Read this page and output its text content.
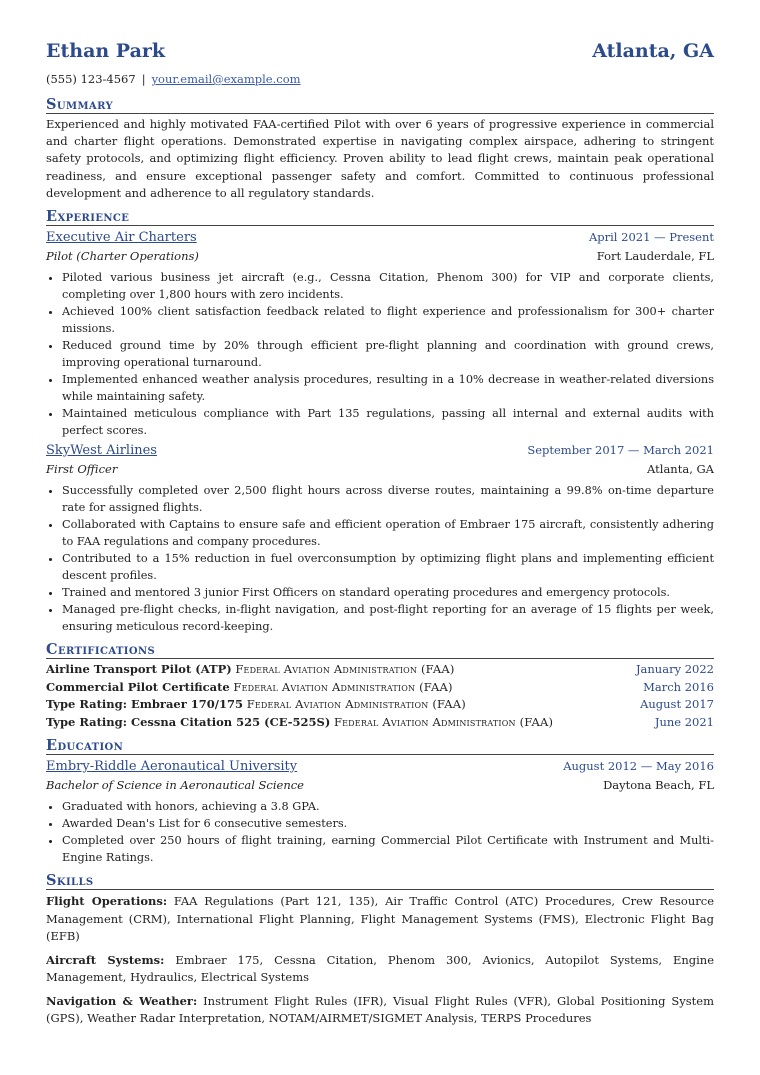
Ethan Park	Atlanta, GA
(555) 123-4567 | your.email@example.com
Summary
Experienced and highly motivated FAA-certified Pilot with over 6 years of progressive experience in commercial and charter flight operations. Demonstrated expertise in navigating complex airspace, adhering to stringent safety protocols, and optimizing flight efficiency. Proven ability to lead flight crews, maintain peak operational readiness, and ensure exceptional passenger safety and comfort. Committed to continuous professional development and adherence to all regulatory standards.
Experience
Executive Air Charters	April 2021 — Present
Pilot (Charter Operations)	Fort Lauderdale, FL
• Piloted various business jet aircraft (e.g., Cessna Citation, Phenom 300) for VIP and corporate clients, completing over 1,800 hours with zero incidents.
• Achieved 100% client satisfaction feedback related to flight experience and professionalism for 300+ charter missions.
• Reduced ground time by 20% through efficient pre-flight planning and coordination with ground crews, improving operational turnaround.
• Implemented enhanced weather analysis procedures, resulting in a 10% decrease in weather-related diversions while maintaining safety.
• Maintained meticulous compliance with Part 135 regulations, passing all internal and external audits with perfect scores.
SkyWest Airlines	September 2017 — March 2021
First Officer	Atlanta, GA
• Successfully completed over 2,500 flight hours across diverse routes, maintaining a 99.8% on-time departure rate for assigned flights.
• Collaborated with Captains to ensure safe and efficient operation of Embraer 175 aircraft, consistently adhering to FAA regulations and company procedures.
• Contributed to a 15% reduction in fuel overconsumption by optimizing flight plans and implementing efficient descent profiles.
• Trained and mentored 3 junior First Officers on standard operating procedures and emergency protocols.
• Managed pre-flight checks, in-flight navigation, and post-flight reporting for an average of 15 flights per week, ensuring meticulous record-keeping.
Certifications
Airline Transport Pilot (ATP) Federal Aviation Administration (FAA)	January 2022
Commercial Pilot Certificate Federal Aviation Administration (FAA)	March 2016
Type Rating: Embraer 170/175 Federal Aviation Administration (FAA)	August 2017
Type Rating: Cessna Citation 525 (CE-525S) Federal Aviation Administration (FAA)	June 2021
Education
Embry-Riddle Aeronautical University	August 2012 — May 2016
Bachelor of Science in Aeronautical Science	Daytona Beach, FL
• Graduated with honors, achieving a 3.8 GPA.
• Awarded Dean's List for 6 consecutive semesters.
• Completed over 250 hours of flight training, earning Commercial Pilot Certificate with Instrument and Multi-Engine Ratings.
Skills
Flight Operations: FAA Regulations (Part 121, 135), Air Traffic Control (ATC) Procedures, Crew Resource Management (CRM), International Flight Planning, Flight Management Systems (FMS), Electronic Flight Bag (EFB)
Aircraft Systems: Embraer 175, Cessna Citation, Phenom 300, Avionics, Autopilot Systems, Engine Management, Hydraulics, Electrical Systems
Navigation & Weather: Instrument Flight Rules (IFR), Visual Flight Rules (VFR), Global Positioning System (GPS), Weather Radar Interpretation, NOTAM/AIRMET/SIGMET Analysis, TERPS Procedures
